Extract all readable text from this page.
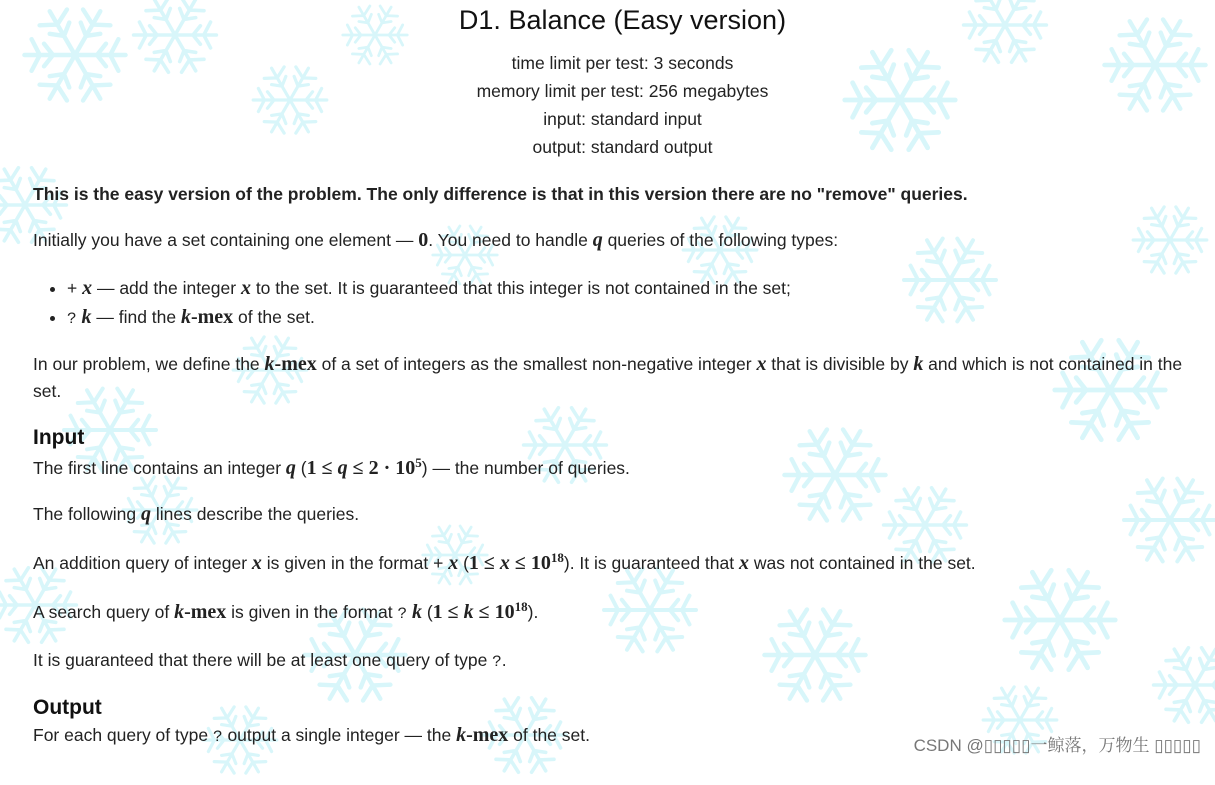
D1. Balance (Easy version)
time limit per test: 3 seconds
memory limit per test: 256 megabytes
input: standard input
output: standard output
This is the easy version of the problem. The only difference is that in this version there are no "remove" queries.
Initially you have a set containing one element — 0. You need to handle q queries of the following types:
• + x — add the integer x to the set. It is guaranteed that this integer is not contained in the set;
• ? k — find the k-mex of the set.
In our problem, we define the k-mex of a set of integers as the smallest non-negative integer x that is divisible by k and which is not contained in the set.
Input
The first line contains an integer q $(1 \le q \le 2 \cdot 10^5)$ — the number of queries.
The following q lines describe the queries.
An addition query of integer x is given in the format + x $(1 \le x \le 10^{18})$. It is guaranteed that x was not contained in the set.
A search query of k-mex is given in the format ? k $(1 \le k \le 10^{18})$.
It is guaranteed that there will be at least one query of type ?.
Output
For each query of type ? output a single integer — the k-mex of the set.
CSDN @▯▯▯▯▯一鲸落，万物生 ▯▯▯▯▯
